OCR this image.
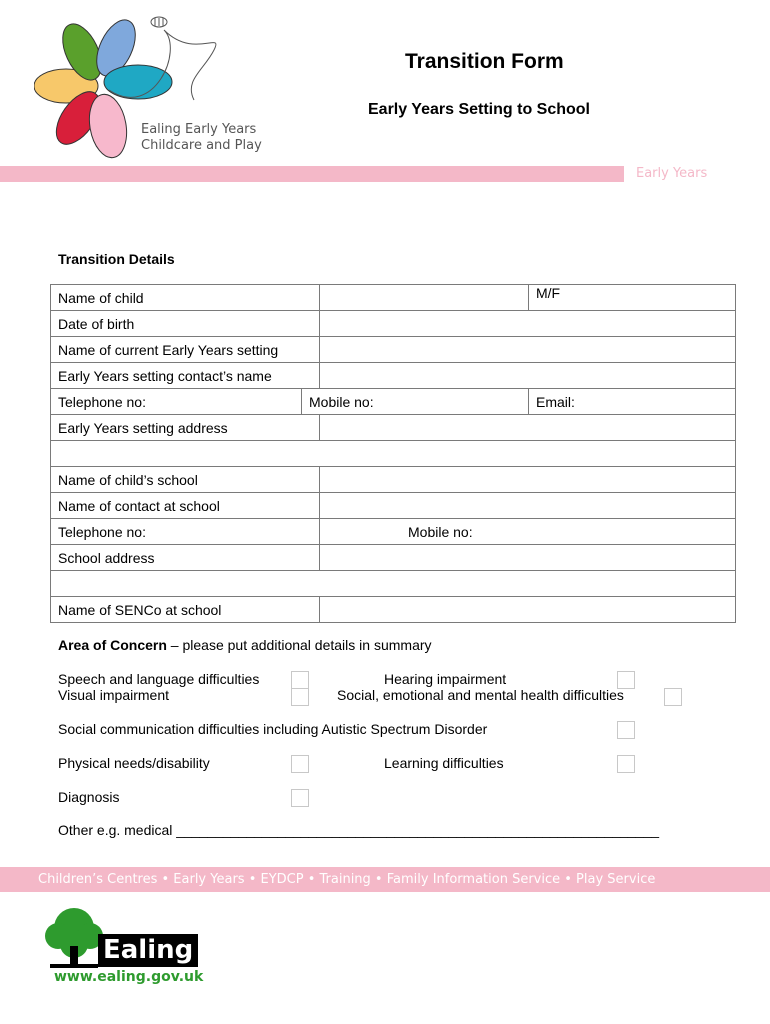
Ealing Early Years
Childcare and Play
Transition Form
Early Years Setting to School
Early Years
Transition Details
Name of child			M/F
Date of birth			
Name of current Early Years setting			
Early Years setting contact’s name			
Telephone no:	Mobile no:		Email:
Early Years setting address			

Name of child’s school			
Name of contact at school			
Telephone no:		Mobile no:	
School address			

Name of SENCo at school			
Area of Concern – please put additional details in summary
Speech and language difficulties	Hearing impairment
Visual impairment	Social, emotional and mental health difficulties
Social communication difficulties including Autistic Spectrum Disorder
Physical needs/disability	Learning difficulties
Diagnosis
Other e.g. medical ______________________________________________________________
Children’s Centres • Early Years • EYDCP • Training • Family Information Service • Play Service
Ealing
www.ealing.gov.uk
